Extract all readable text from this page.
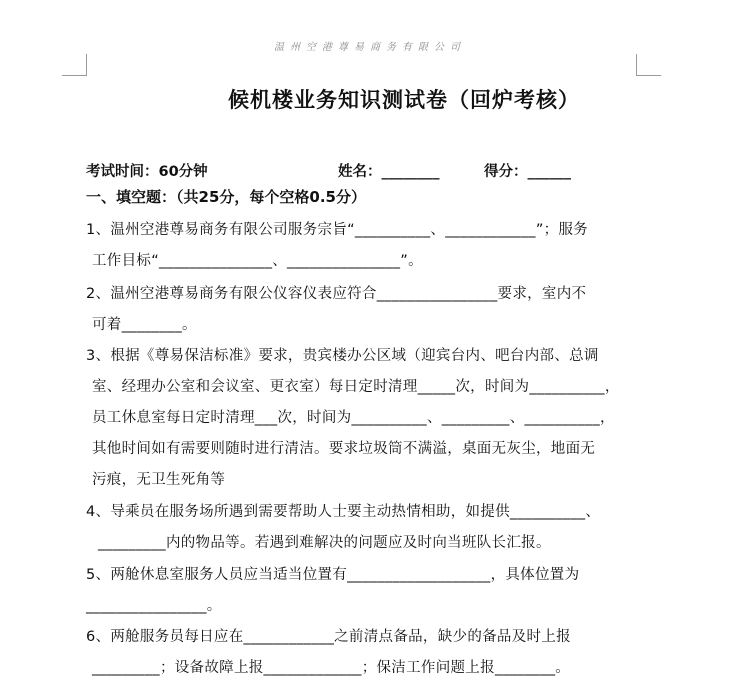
温州空港尊易商务有限公司
候机楼业务知识测试卷（回炉考核）
考试时间：60分钟	姓名：________	得分：______
一、填空题：（共25分，每个空格0.5分）
1、温州空港尊易商务有限公司服务宗旨“__________、____________”；服务
工作目标“_______________、_______________”。
2、温州空港尊易商务有限公仪容仪表应符合________________要求，室内不
可着________。
3、根据《尊易保洁标准》要求，贵宾楼办公区域（迎宾台内、吧台内部、总调
室、经理办公室和会议室、更衣室）每日定时清理_____次，时间为__________，
员工休息室每日定时清理___次，时间为__________、_________、__________，
其他时间如有需要则随时进行清洁。要求垃圾筒不满溢，桌面无灰尘，地面无
污痕，无卫生死角等
4、导乘员在服务场所遇到需要帮助人士要主动热情相助，如提供__________、
_________内的物品等。若遇到难解决的问题应及时向当班队长汇报。
5、两舱休息室服务人员应当适当位置有___________________，具体位置为
________________。
6、两舱服务员每日应在____________之前清点备品，缺少的备品及时上报
_________；设备故障上报_____________；保洁工作问题上报________。
